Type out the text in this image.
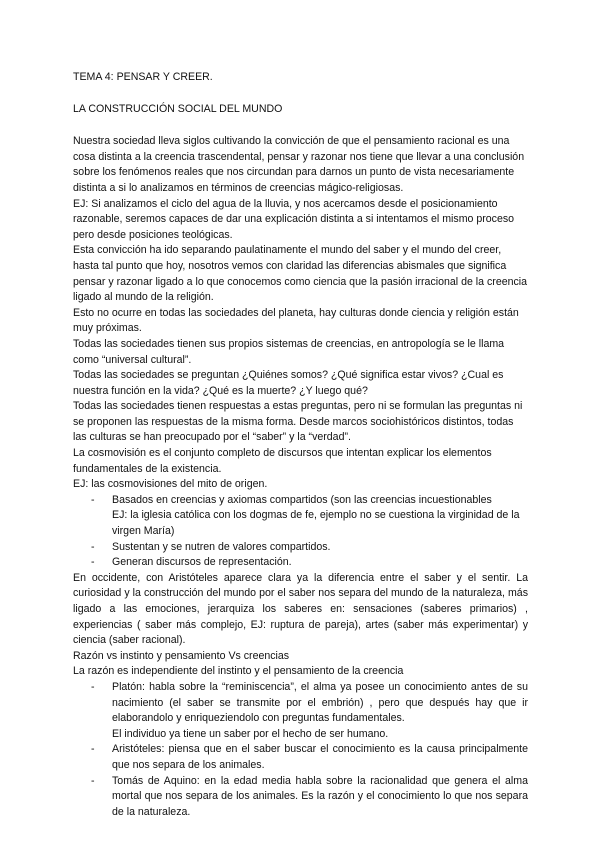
TEMA 4: PENSAR Y CREER.

LA CONSTRUCCIÓN SOCIAL DEL MUNDO

Nuestra sociedad lleva siglos cultivando la convicción de que el pensamiento racional es una cosa distinta a la creencia trascendental, pensar y razonar nos tiene que llevar a una conclusión sobre los fenómenos reales que nos circundan para darnos un punto de vista necesariamente distinta a si lo analizamos en términos de creencias mágico-religiosas.

EJ: Si analizamos el ciclo del agua de la lluvia, y nos acercamos desde el posicionamiento razonable, seremos capaces de dar una explicación distinta a si intentamos el mismo proceso pero desde posiciones teológicas.

Esta convicción ha ido separando paulatinamente el mundo del saber y el mundo del creer, hasta tal punto que hoy, nosotros vemos con claridad las diferencias abismales que significa pensar y razonar ligado a lo que conocemos como ciencia que la pasión irracional de la creencia ligado al mundo de la religión.

Esto no ocurre en todas las sociedades del planeta, hay culturas donde ciencia y religión están muy próximas.

Todas las sociedades tienen sus propios sistemas de creencias, en antropología se le llama como “universal cultural”.

Todas las sociedades se preguntan ¿Quiénes somos? ¿Qué significa estar vivos? ¿Cual es nuestra función en la vida? ¿Qué es la muerte? ¿Y luego qué?

Todas las sociedades tienen respuestas a estas preguntas, pero ni se formulan las preguntas ni se proponen las respuestas de la misma forma. Desde marcos sociohistóricos distintos, todas las culturas se han preocupado por el “saber” y la “verdad”.

La cosmovisión es el conjunto completo de discursos que intentan explicar los elementos fundamentales de la existencia.

EJ: las cosmovisiones del mito de origen.

- Basados en creencias y axiomas compartidos (son las creencias incuestionables

EJ: la iglesia católica con los dogmas de fe, ejemplo no se cuestiona la virginidad de la virgen María)

- Sustentan y se nutren de valores compartidos.

- Generan discursos de representación.

En occidente, con Aristóteles aparece clara ya la diferencia entre el saber y el sentir. La curiosidad y la construcción del mundo por el saber nos separa del mundo de la naturaleza, más ligado a las emociones, jerarquiza los saberes en: sensaciones (saberes primarios) , experiencias ( saber más complejo, EJ: ruptura de pareja), artes (saber más experimentar) y ciencia (saber racional).

Razón vs instinto y pensamiento Vs creencias

La razón es independiente del instinto y el pensamiento de la creencia

- Platón: habla sobre la “reminiscencia”, el alma ya posee un conocimiento antes de su nacimiento (el saber se transmite por el embrión) , pero que después hay que ir elaborandolo y enriqueziendolo con preguntas fundamentales.

El individuo ya tiene un saber por el hecho de ser humano.

- Aristóteles: piensa que en el saber buscar el conocimiento es la causa principalmente que nos separa de los animales.

- Tomás de Aquino: en la edad media habla sobre la racionalidad que genera el alma mortal que nos separa de los animales. Es la razón y el conocimiento lo que nos separa de la naturaleza.
